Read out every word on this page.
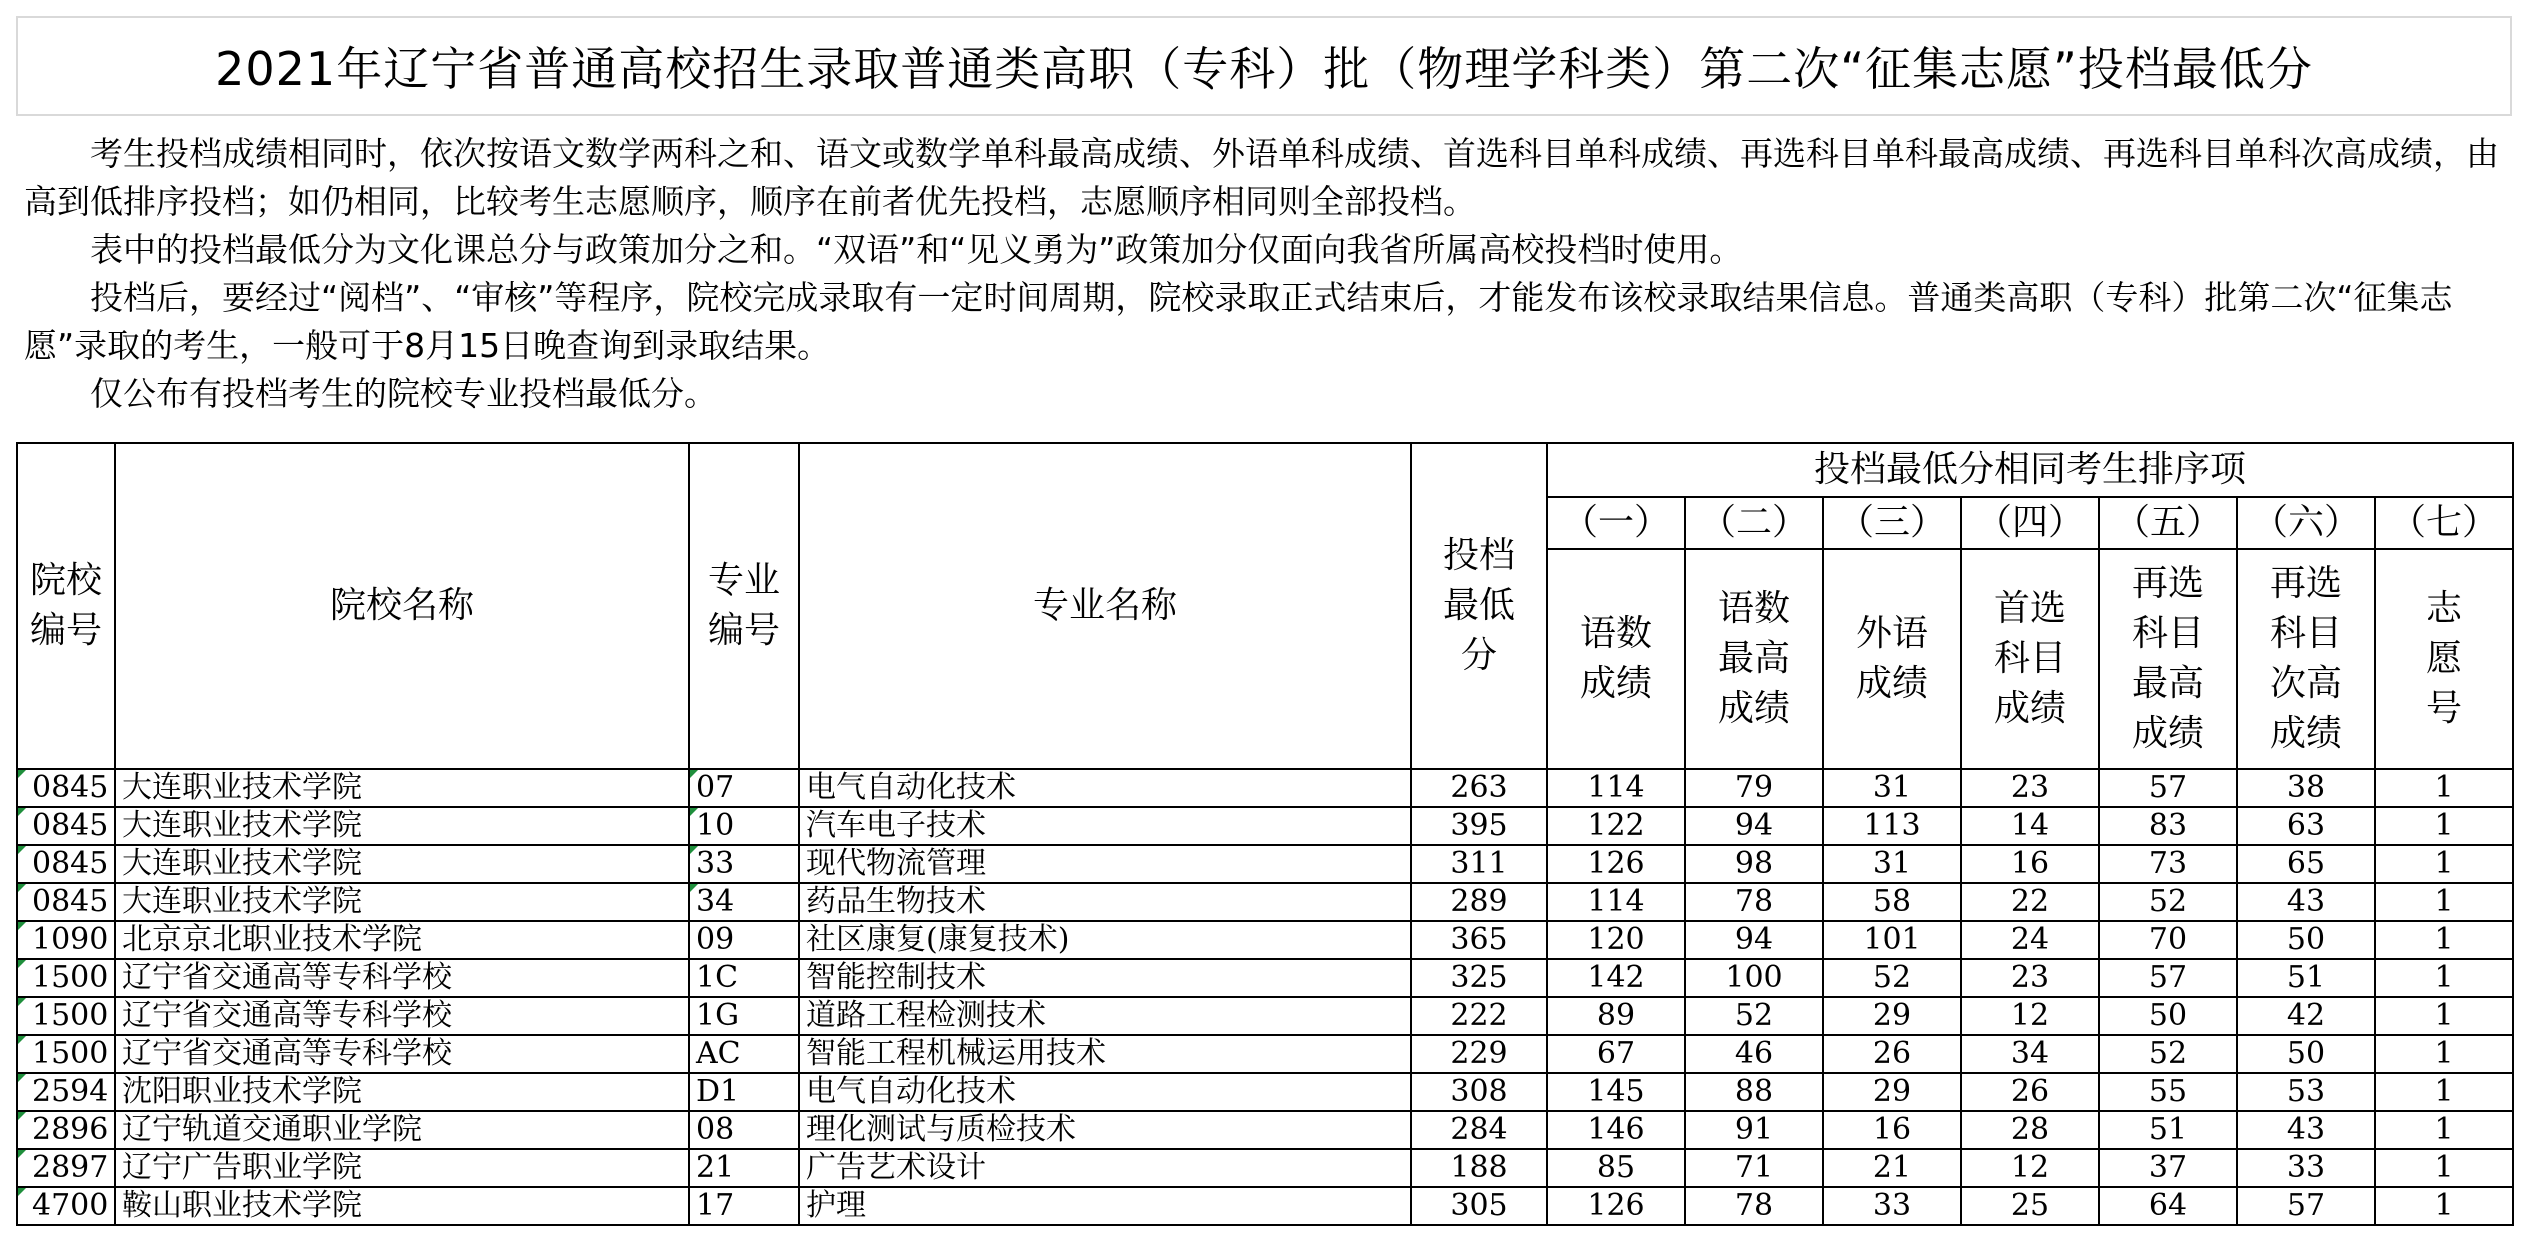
2021年辽宁省普通高校招生录取普通类高职（专科）批（物理学科类）第二次“征集志愿”投档最低分

考生投档成绩相同时，依次按语文数学两科之和、语文或数学单科最高成绩、外语单科成绩、首选科目单科成绩、再选科目单科最高成绩、再选科目单科次高成绩，由高到低排序投档；如仍相同，比较考生志愿顺序，顺序在前者优先投档，志愿顺序相同则全部投档。

表中的投档最低分为文化课总分与政策加分之和。“双语”和“见义勇为”政策加分仅面向我省所属高校投档时使用。

投档后，要经过“阅档”、“审核”等程序，院校完成录取有一定时间周期，院校录取正式结束后，才能发布该校录取结果信息。普通类高职（专科）批第二次“征集志愿”录取的考生，一般可于8月15日晚查询到录取结果。

仅公布有投档考生的院校专业投档最低分。

院校编号	院校名称	专业编号	专业名称	投档最低分	投档最低分相同考生排序项						
					（一）	（二）	（三）	（四）	（五）	（六）	（七）

					语数成绩	语数最高成绩	外语成绩	首选科目成绩	再选科目最高成绩	再选科目次高成绩	志愿号

0845	大连职业技术学院	07	电气自动化技术	263	114	79	31	23	57	38	1
0845	大连职业技术学院	10	汽车电子技术	395	122	94	113	14	83	63	1
0845	大连职业技术学院	33	现代物流管理	311	126	98	31	16	73	65	1
0845	大连职业技术学院	34	药品生物技术	289	114	78	58	22	52	43	1
1090	北京京北职业技术学院	09	社区康复(康复技术)	365	120	94	101	24	70	50	1
1500	辽宁省交通高等专科学校	1C	智能控制技术	325	142	100	52	23	57	51	1
1500	辽宁省交通高等专科学校	1G	道路工程检测技术	222	89	52	29	12	50	42	1
1500	辽宁省交通高等专科学校	AC	智能工程机械运用技术	229	67	46	26	34	52	50	1
2594	沈阳职业技术学院	D1	电气自动化技术	308	145	88	29	26	55	53	1
2896	辽宁轨道交通职业学院	08	理化测试与质检技术	284	146	91	16	28	51	43	1
2897	辽宁广告职业学院	21	广告艺术设计	188	85	71	21	12	37	33	1
4700	鞍山职业技术学院	17	护理	305	126	78	33	25	64	57	1
